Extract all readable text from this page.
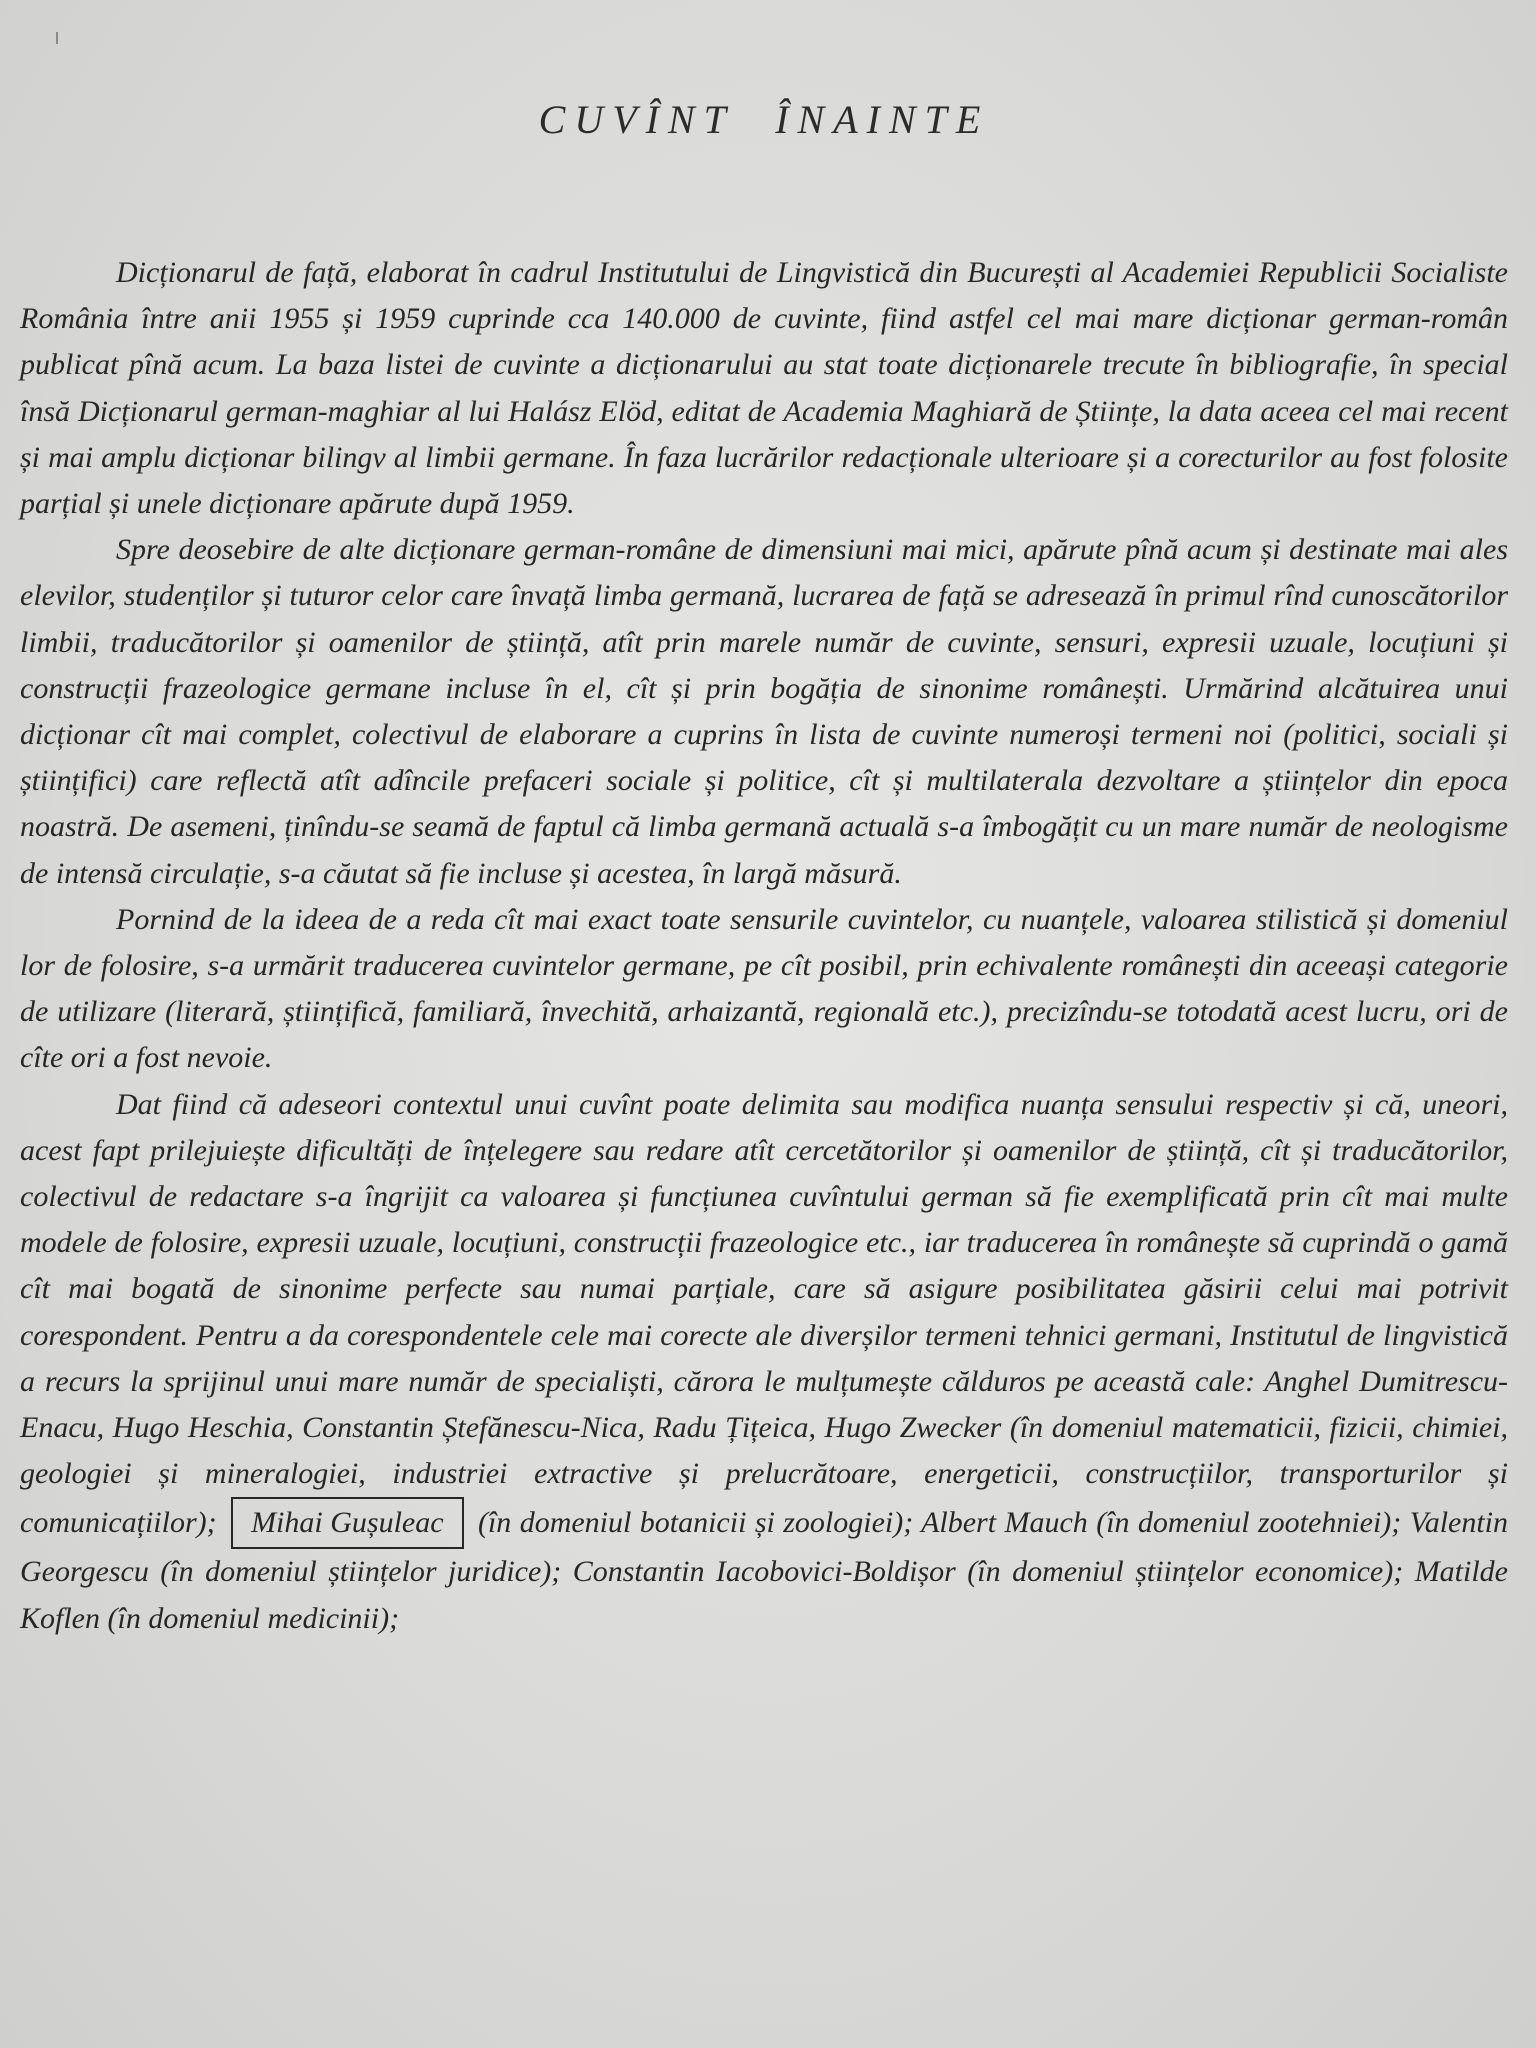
CUVÎNT ÎNAINTE

Dicționarul de față, elaborat în cadrul Institutului de Lingvistică din București al Academiei Republicii Socialiste România între anii 1955 și 1959 cuprinde cca 140.000 de cuvinte, fiind astfel cel mai mare dicționar german-român publicat pînă acum. La baza listei de cuvinte a dicționarului au stat toate dicționarele trecute în bibliografie, în special însă Dicționarul german-maghiar al lui Halász Elöd, editat de Academia Maghiară de Științe, la data aceea cel mai recent și mai amplu dicționar bilingv al limbii germane. În faza lucrărilor redacționale ulterioare și a corecturilor au fost folosite parțial și unele dicționare apărute după 1959.

Spre deosebire de alte dicționare german-române de dimensiuni mai mici, apărute pînă acum și destinate mai ales elevilor, studenților și tuturor celor care învață limba germană, lucrarea de față se adresează în primul rînd cunoscătorilor limbii, traducătorilor și oamenilor de știință, atît prin marele număr de cuvinte, sensuri, expresii uzuale, locuțiuni și construcții frazeologice germane incluse în el, cît și prin bogăția de sinonime românești. Urmărind alcătuirea unui dicționar cît mai complet, colectivul de elaborare a cuprins în lista de cuvinte numeroși termeni noi (politici, sociali și științifici) care reflectă atît adîncile prefaceri sociale și politice, cît și multilaterala dezvoltare a științelor din epoca noastră. De asemeni, ținîndu-se seamă de faptul că limba germană actuală s-a îmbogățit cu un mare număr de neologisme de intensă circulație, s-a căutat să fie incluse și acestea, în largă măsură.

Pornind de la ideea de a reda cît mai exact toate sensurile cuvintelor, cu nuanțele, valoarea stilistică și domeniul lor de folosire, s-a urmărit traducerea cuvintelor germane, pe cît posibil, prin echivalente românești din aceeași categorie de utilizare (literară, științifică, familiară, învechită, arhaizantă, regională etc.), precizîndu-se totodată acest lucru, ori de cîte ori a fost nevoie.

Dat fiind că adeseori contextul unui cuvînt poate delimita sau modifica nuanța sensului respectiv și că, uneori, acest fapt prilejuiește dificultăți de înțelegere sau redare atît cercetătorilor și oamenilor de știință, cît și traducătorilor, colectivul de redactare s-a îngrijit ca valoarea și funcțiunea cuvîntului german să fie exemplificată prin cît mai multe modele de folosire, expresii uzuale, locuțiuni, construcții frazeologice etc., iar traducerea în românește să cuprindă o gamă cît mai bogată de sinonime perfecte sau numai parțiale, care să asigure posibilitatea găsirii celui mai potrivit corespondent. Pentru a da corespondentele cele mai corecte ale diverșilor termeni tehnici germani, Institutul de lingvistică a recurs la sprijinul unui mare număr de specialiști, cărora le mulțumește călduros pe această cale: Anghel Dumitrescu-Enacu, Hugo Heschia, Constantin Ștefănescu-Nica, Radu Țițeica, Hugo Zwecker (în domeniul matematicii, fizicii, chimiei, geologiei și mineralogiei, industriei extractive și prelucrătoare, energeticii, construcțiilor, transporturilor și comunicațiilor); Mihai Gușuleac (în domeniul botanicii și zoologiei); Albert Mauch (în domeniul zootehniei); Valentin Georgescu (în domeniul științelor juridice); Constantin Iacobovici-Boldișor (în domeniul științelor economice); Matilde Koflen (în domeniul medicinii);
